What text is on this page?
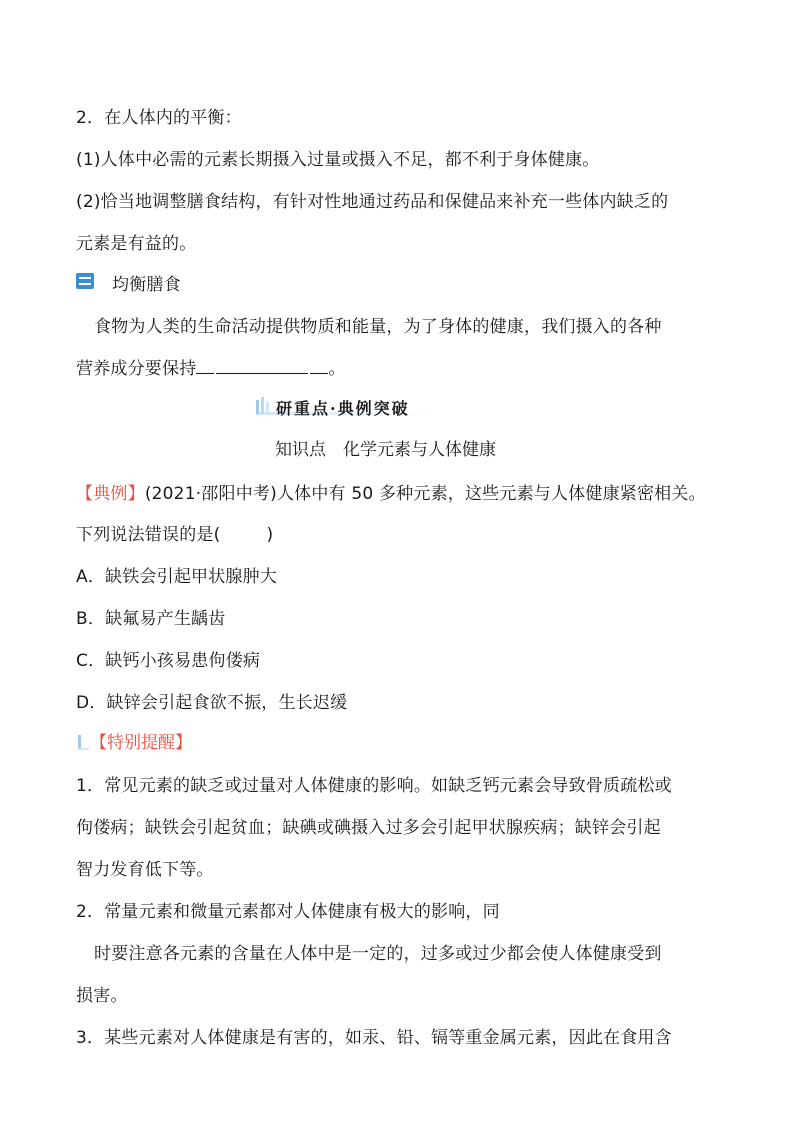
2．在人体内的平衡：
(1)人体中必需的元素长期摄入过量或摄入不足，都不利于身体健康。
(2)恰当地调整膳食结构，有针对性地通过药品和保健品来补充一些体内缺乏的
元素是有益的。
均衡膳食
食物为人类的生命活动提供物质和能量，为了身体的健康，我们摄入的各种
营养成分要保持	。
研重点·典例突破
知识点　化学元素与人体健康
【典例】(2021·邵阳中考)人体中有 50 多种元素，这些元素与人体健康紧密相关。
下列说法错误的是(	)
A．缺铁会引起甲状腺肿大
B．缺氟易产生龋齿
C．缺钙小孩易患佝偻病
D．缺锌会引起食欲不振，生长迟缓
【特别提醒】
1．常见元素的缺乏或过量对人体健康的影响。如缺乏钙元素会导致骨质疏松或
佝偻病；缺铁会引起贫血；缺碘或碘摄入过多会引起甲状腺疾病；缺锌会引起
智力发育低下等。
2．常量元素和微量元素都对人体健康有极大的影响，同
时要注意各元素的含量在人体中是一定的，过多或过少都会使人体健康受到
损害。
3．某些元素对人体健康是有害的，如汞、铅、镉等重金属元素，因此在食用含
